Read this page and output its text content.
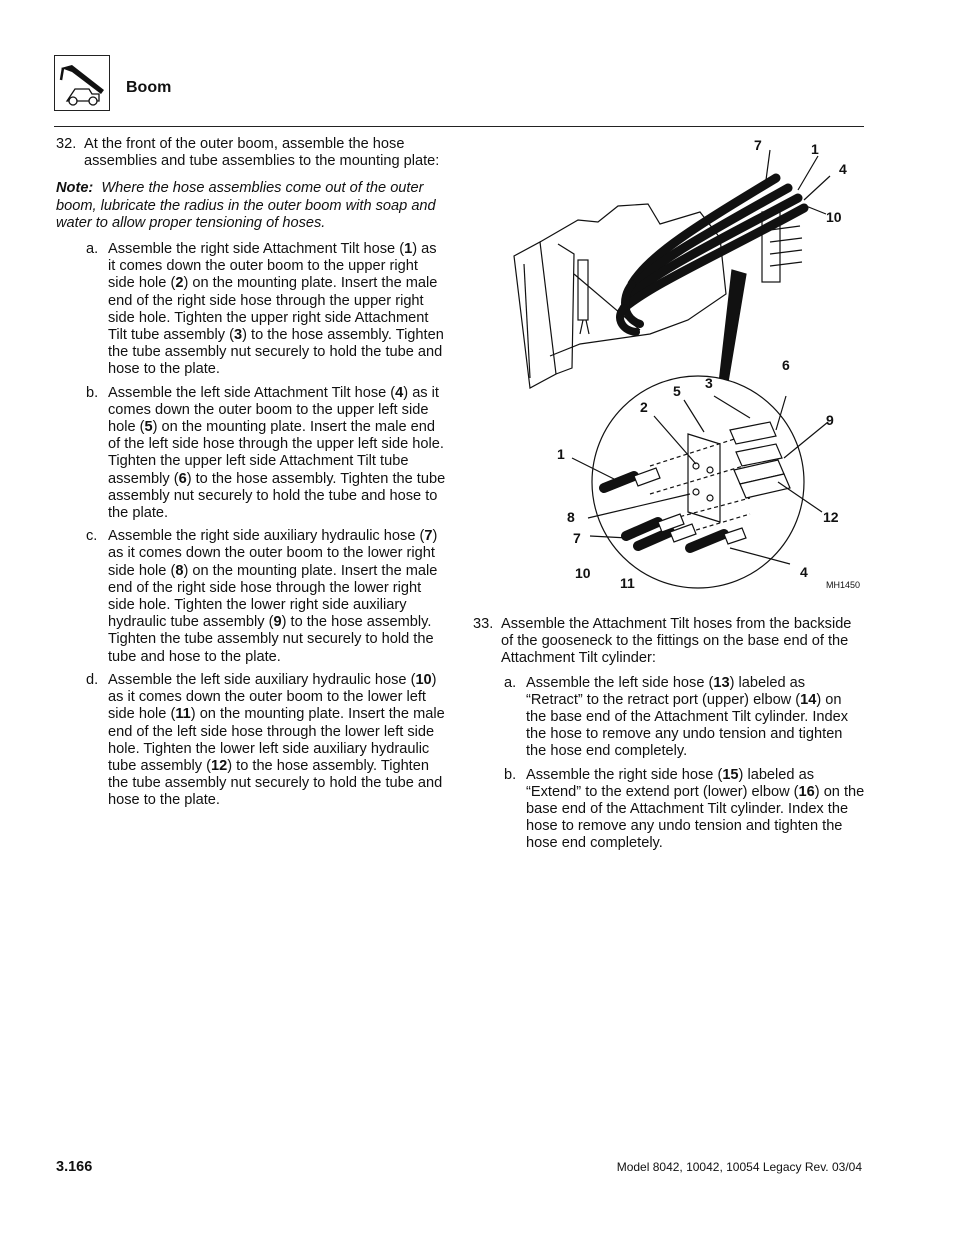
Boom
32. At the front of the outer boom, assemble the hose assemblies and tube assemblies to the mounting plate:
Note: Where the hose assemblies come out of the outer boom, lubricate the radius in the outer boom with soap and water to allow proper tensioning of hoses.
a. Assemble the right side Attachment Tilt hose (1) as it comes down the outer boom to the upper right side hole (2) on the mounting plate. Insert the male end of the right side hose through the upper right side hole. Tighten the upper right side Attachment Tilt tube assembly (3) to the hose assembly. Tighten the tube assembly nut securely to hold the tube and hose to the plate.
b. Assemble the left side Attachment Tilt hose (4) as it comes down the outer boom to the upper left side hole (5) on the mounting plate. Insert the male end of the left side hose through the upper left side hole. Tighten the upper left side Attachment Tilt tube assembly (6) to the hose assembly. Tighten the tube assembly nut securely to hold the tube and hose to the plate.
c. Assemble the right side auxiliary hydraulic hose (7) as it comes down the outer boom to the lower right side hole (8) on the mounting plate. Insert the male end of the right side hose through the lower right side hole. Tighten the lower right side auxiliary hydraulic tube assembly (9) to the hose assembly. Tighten the tube assembly nut securely to hold the tube and hose to the plate.
d. Assemble the left side auxiliary hydraulic hose (10) as it comes down the outer boom to the lower left side hole (11) on the mounting plate. Insert the male end of the left side hose through the lower left side hole. Tighten the lower left side auxiliary hydraulic tube assembly (12) to the hose assembly. Tighten the tube assembly nut securely to hold the tube and hose to the plate.
7	1
4
10
6
3
5
2
9
1
8	12
7
10	4
11	MH1450
33. Assemble the Attachment Tilt hoses from the backside of the gooseneck to the fittings on the base end of the Attachment Tilt cylinder:
a. Assemble the left side hose (13) labeled as “Retract” to the retract port (upper) elbow (14) on the base end of the Attachment Tilt cylinder. Index the hose to remove any undo tension and tighten the hose end completely.
b. Assemble the right side hose (15) labeled as “Extend” to the extend port (lower) elbow (16) on the base end of the Attachment Tilt cylinder. Index the hose to remove any undo tension and tighten the hose end completely.
3.166	Model 8042, 10042, 10054 Legacy Rev. 03/04
